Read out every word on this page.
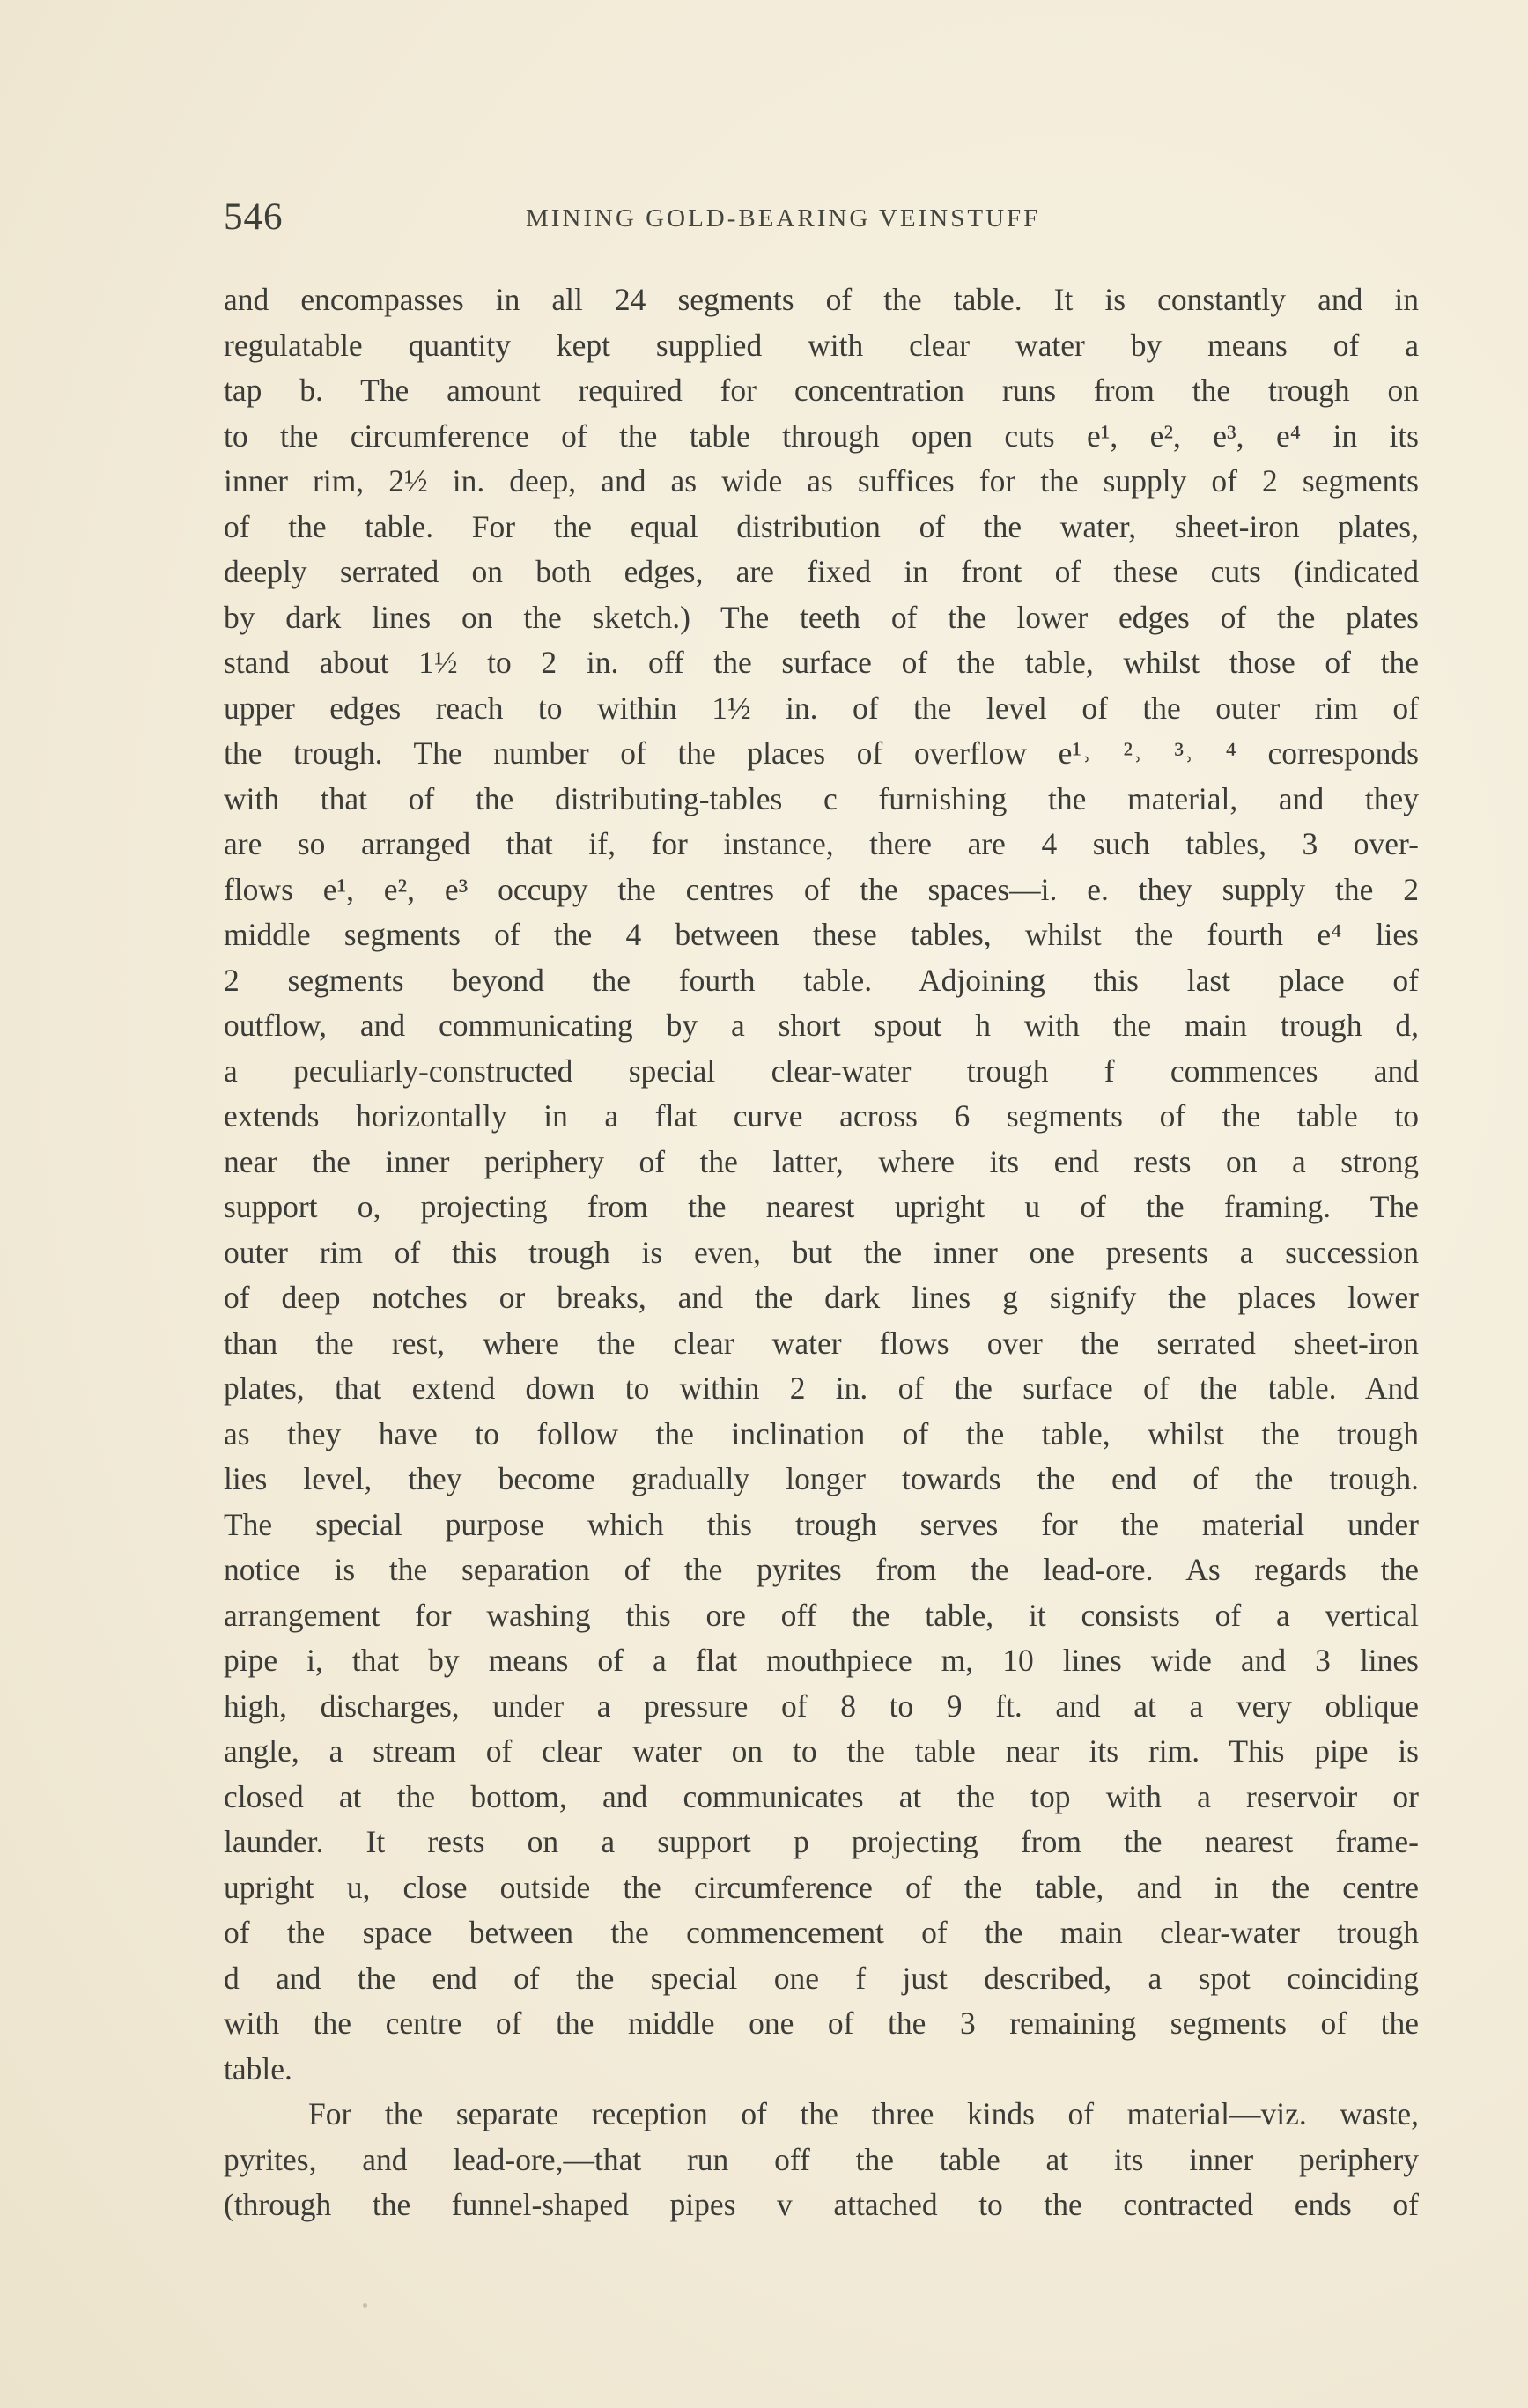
546	MINING GOLD-BEARING VEINSTUFF
and encompasses in all 24 segments of the table. It is constantly and in
regulatable quantity kept supplied with clear water by means of a
tap b. The amount required for concentration runs from the trough on
to the circumference of the table through open cuts e¹, e², e³, e⁴ in its
inner rim, 2½ in. deep, and as wide as suffices for the supply of 2 segments
of the table. For the equal distribution of the water, sheet-iron plates,
deeply serrated on both edges, are fixed in front of these cuts (indicated
by dark lines on the sketch.) The teeth of the lower edges of the plates
stand about 1½ to 2 in. off the surface of the table, whilst those of the
upper edges reach to within 1½ in. of the level of the outer rim of
the trough. The number of the places of overflow e¹˒ ²˒ ³˒ ⁴ corresponds
with that of the distributing-tables c furnishing the material, and they
are so arranged that if, for instance, there are 4 such tables, 3 over-
flows e¹, e², e³ occupy the centres of the spaces—i. e. they supply the 2
middle segments of the 4 between these tables, whilst the fourth e⁴ lies
2 segments beyond the fourth table. Adjoining this last place of
outflow, and communicating by a short spout h with the main trough d,
a peculiarly-constructed special clear-water trough f commences and
extends horizontally in a flat curve across 6 segments of the table to
near the inner periphery of the latter, where its end rests on a strong
support o, projecting from the nearest upright u of the framing. The
outer rim of this trough is even, but the inner one presents a succession
of deep notches or breaks, and the dark lines g signify the places lower
than the rest, where the clear water flows over the serrated sheet-iron
plates, that extend down to within 2 in. of the surface of the table. And
as they have to follow the inclination of the table, whilst the trough
lies level, they become gradually longer towards the end of the trough.
The special purpose which this trough serves for the material under
notice is the separation of the pyrites from the lead-ore. As regards the
arrangement for washing this ore off the table, it consists of a vertical
pipe i, that by means of a flat mouthpiece m, 10 lines wide and 3 lines
high, discharges, under a pressure of 8 to 9 ft. and at a very oblique
angle, a stream of clear water on to the table near its rim. This pipe is
closed at the bottom, and communicates at the top with a reservoir or
launder. It rests on a support p projecting from the nearest frame-
upright u, close outside the circumference of the table, and in the centre
of the space between the commencement of the main clear-water trough
d and the end of the special one f just described, a spot coinciding
with the centre of the middle one of the 3 remaining segments of the
table.
For the separate reception of the three kinds of material—viz. waste,
pyrites, and lead-ore,—that run off the table at its inner periphery
(through the funnel-shaped pipes v attached to the contracted ends of
